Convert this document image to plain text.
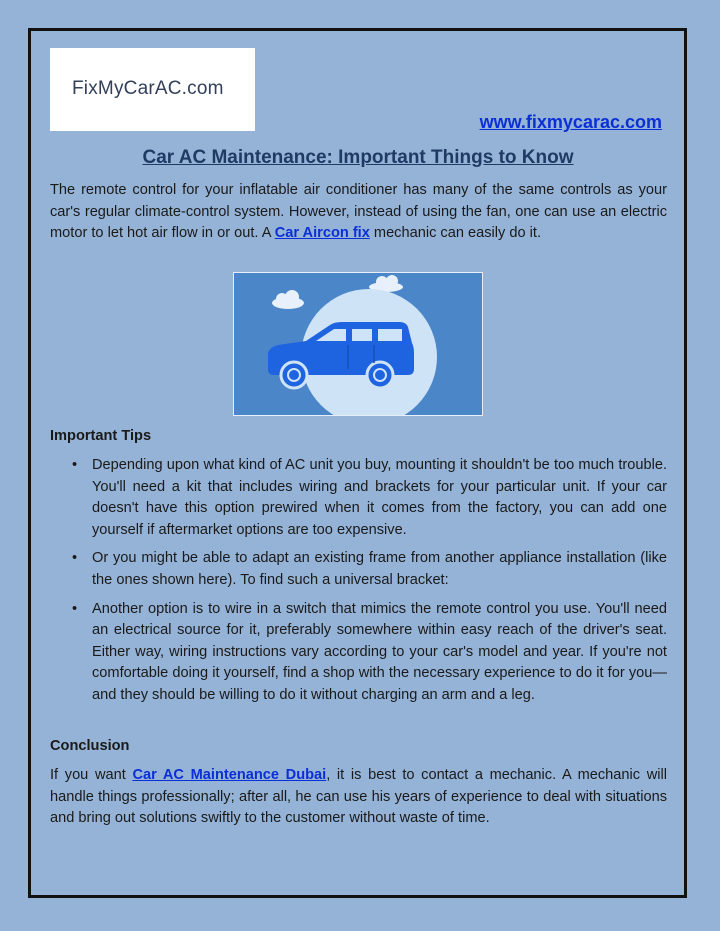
FixMyCarAC.com
www.fixmycarac.com
Car AC Maintenance: Important Things to Know
The remote control for your inflatable air conditioner has many of the same controls as your car's regular climate-control system. However, instead of using the fan, one can use an electric motor to let hot air flow in or out. A Car Aircon fix mechanic can easily do it.
Important Tips
• Depending upon what kind of AC unit you buy, mounting it shouldn't be too much trouble. You'll need a kit that includes wiring and brackets for your particular unit. If your car doesn't have this option prewired when it comes from the factory, you can add one yourself if aftermarket options are too expensive.
• Or you might be able to adapt an existing frame from another appliance installation (like the ones shown here). To find such a universal bracket:
• Another option is to wire in a switch that mimics the remote control you use. You'll need an electrical source for it, preferably somewhere within easy reach of the driver's seat. Either way, wiring instructions vary according to your car's model and year. If you're not comfortable doing it yourself, find a shop with the necessary experience to do it for you—and they should be willing to do it without charging an arm and a leg.
Conclusion
If you want Car AC Maintenance Dubai, it is best to contact a mechanic. A mechanic will handle things professionally; after all, he can use his years of experience to deal with situations and bring out solutions swiftly to the customer without waste of time.
